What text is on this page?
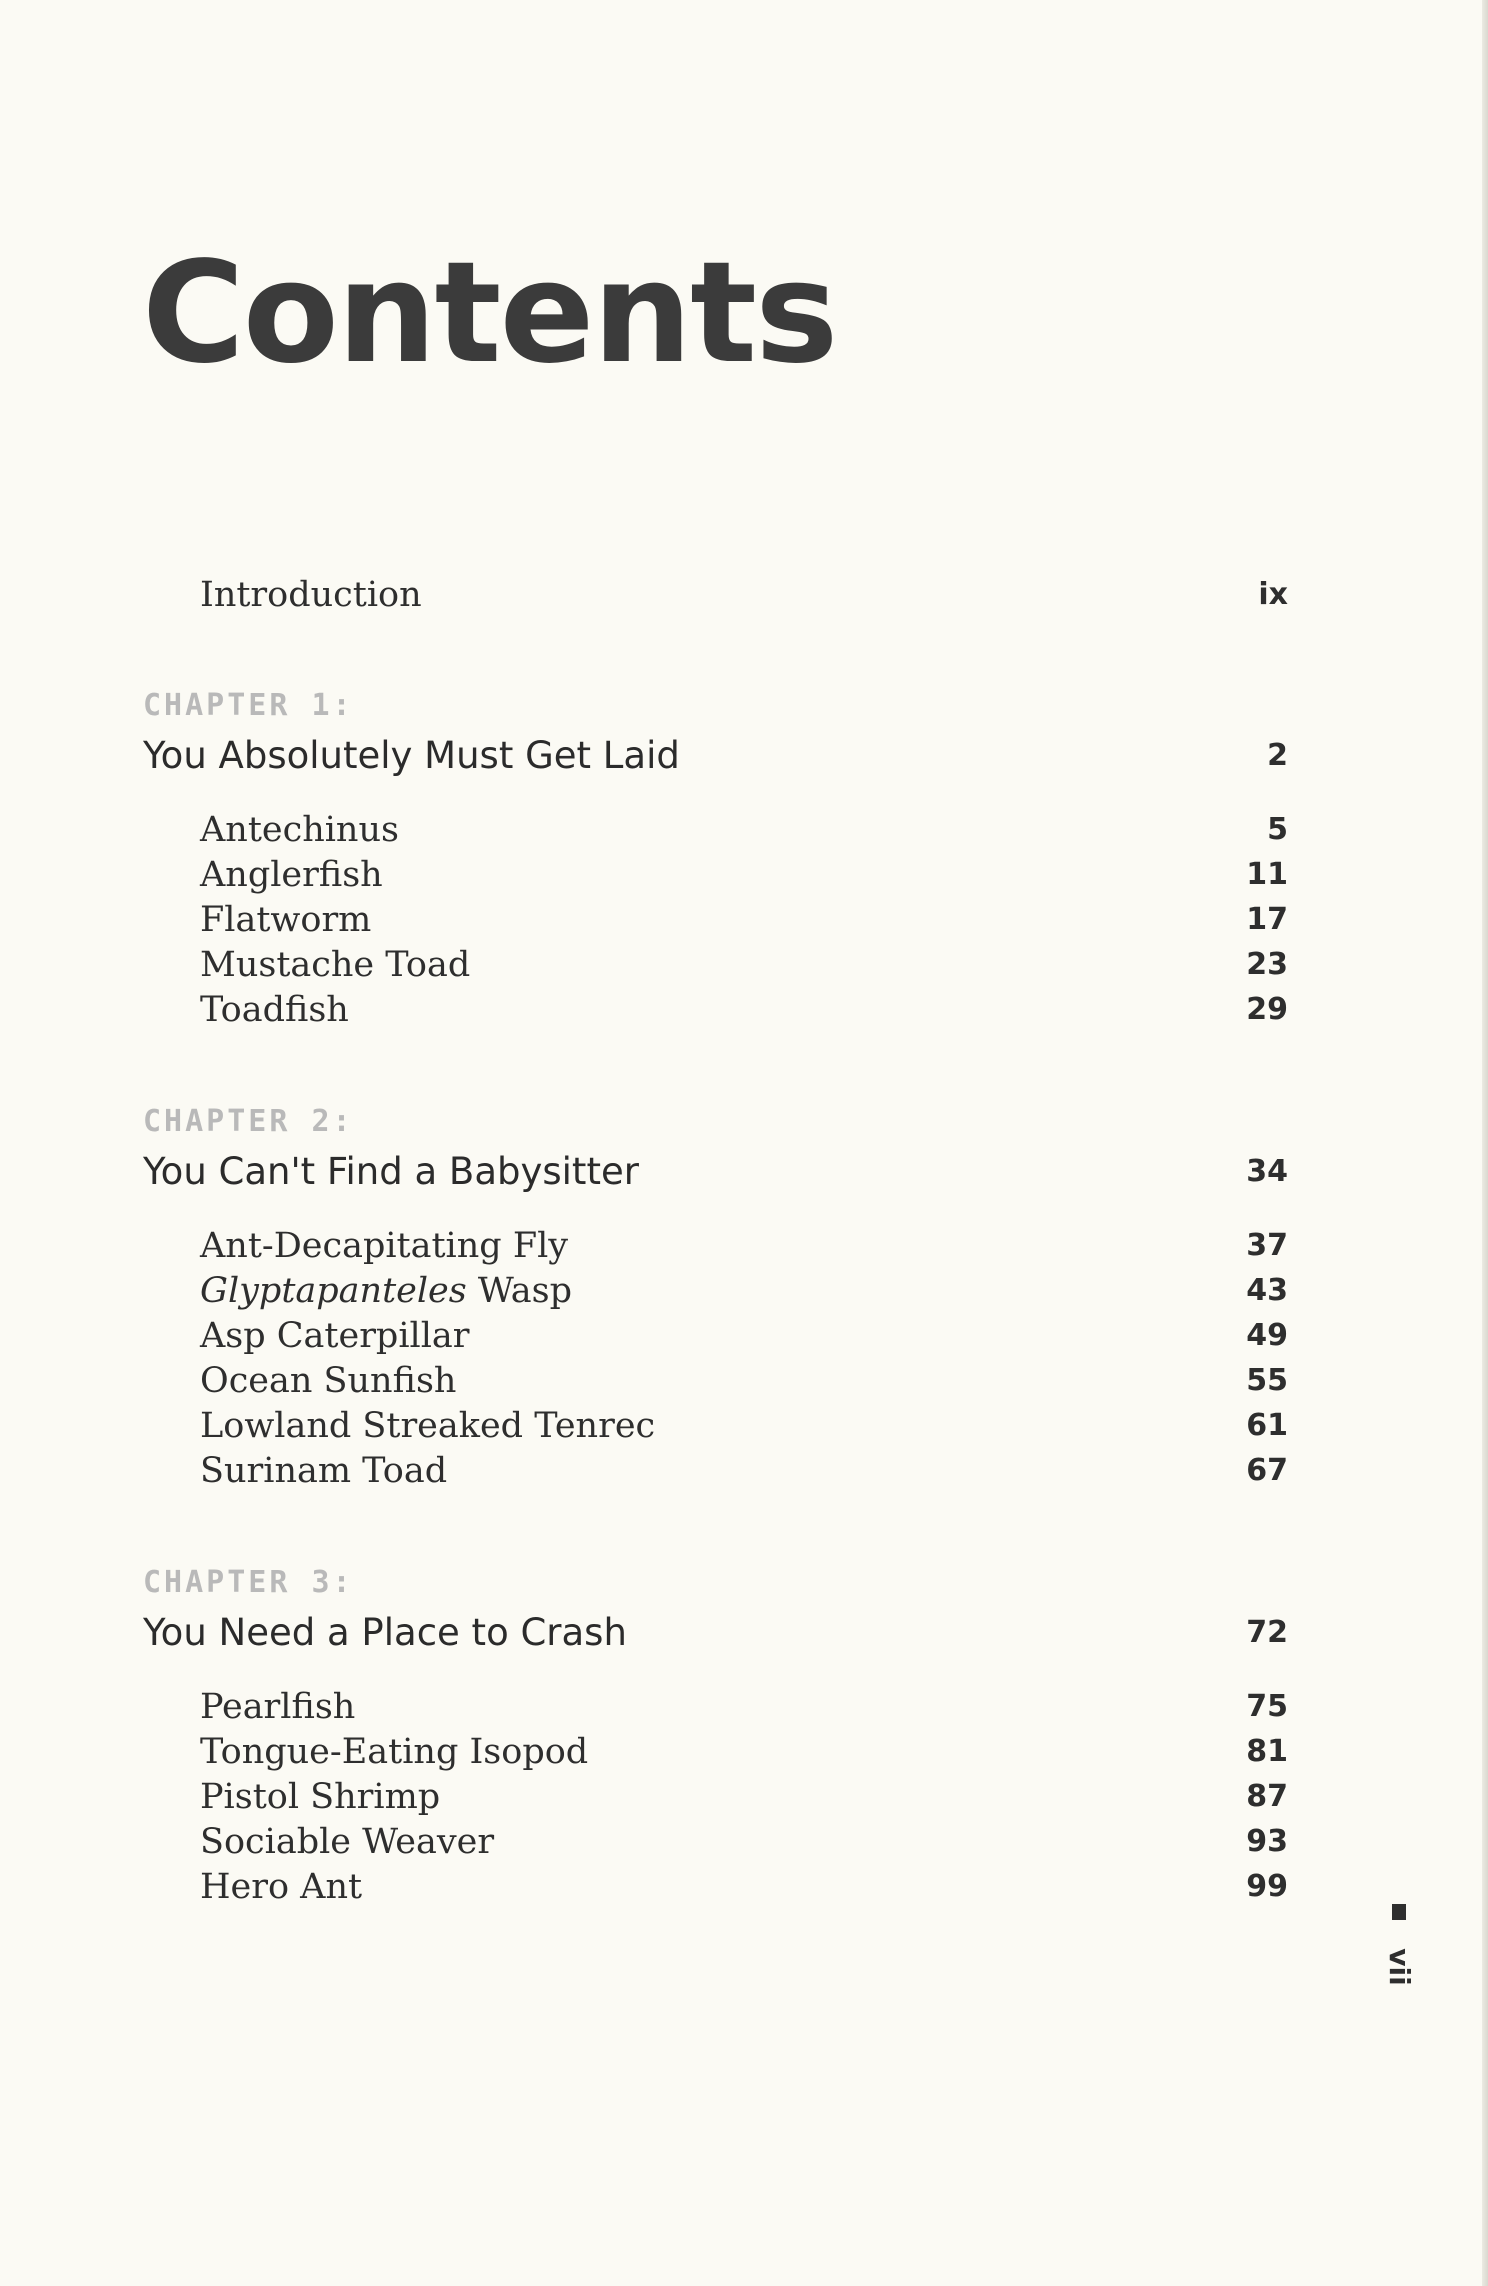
Contents
Introduction	ix
CHAPTER 1:
You Absolutely Must Get Laid	2
Antechinus	5
Anglerfish	11
Flatworm	17
Mustache Toad	23
Toadfish	29
CHAPTER 2:
You Can't Find a Babysitter	34
Ant-Decapitating Fly	37
Glyptapanteles Wasp	43
Asp Caterpillar	49
Ocean Sunfish	55
Lowland Streaked Tenrec	61
Surinam Toad	67
CHAPTER 3:
You Need a Place to Crash	72
Pearlfish	75
Tongue-Eating Isopod	81
Pistol Shrimp	87
Sociable Weaver	93
Hero Ant	99
vii
